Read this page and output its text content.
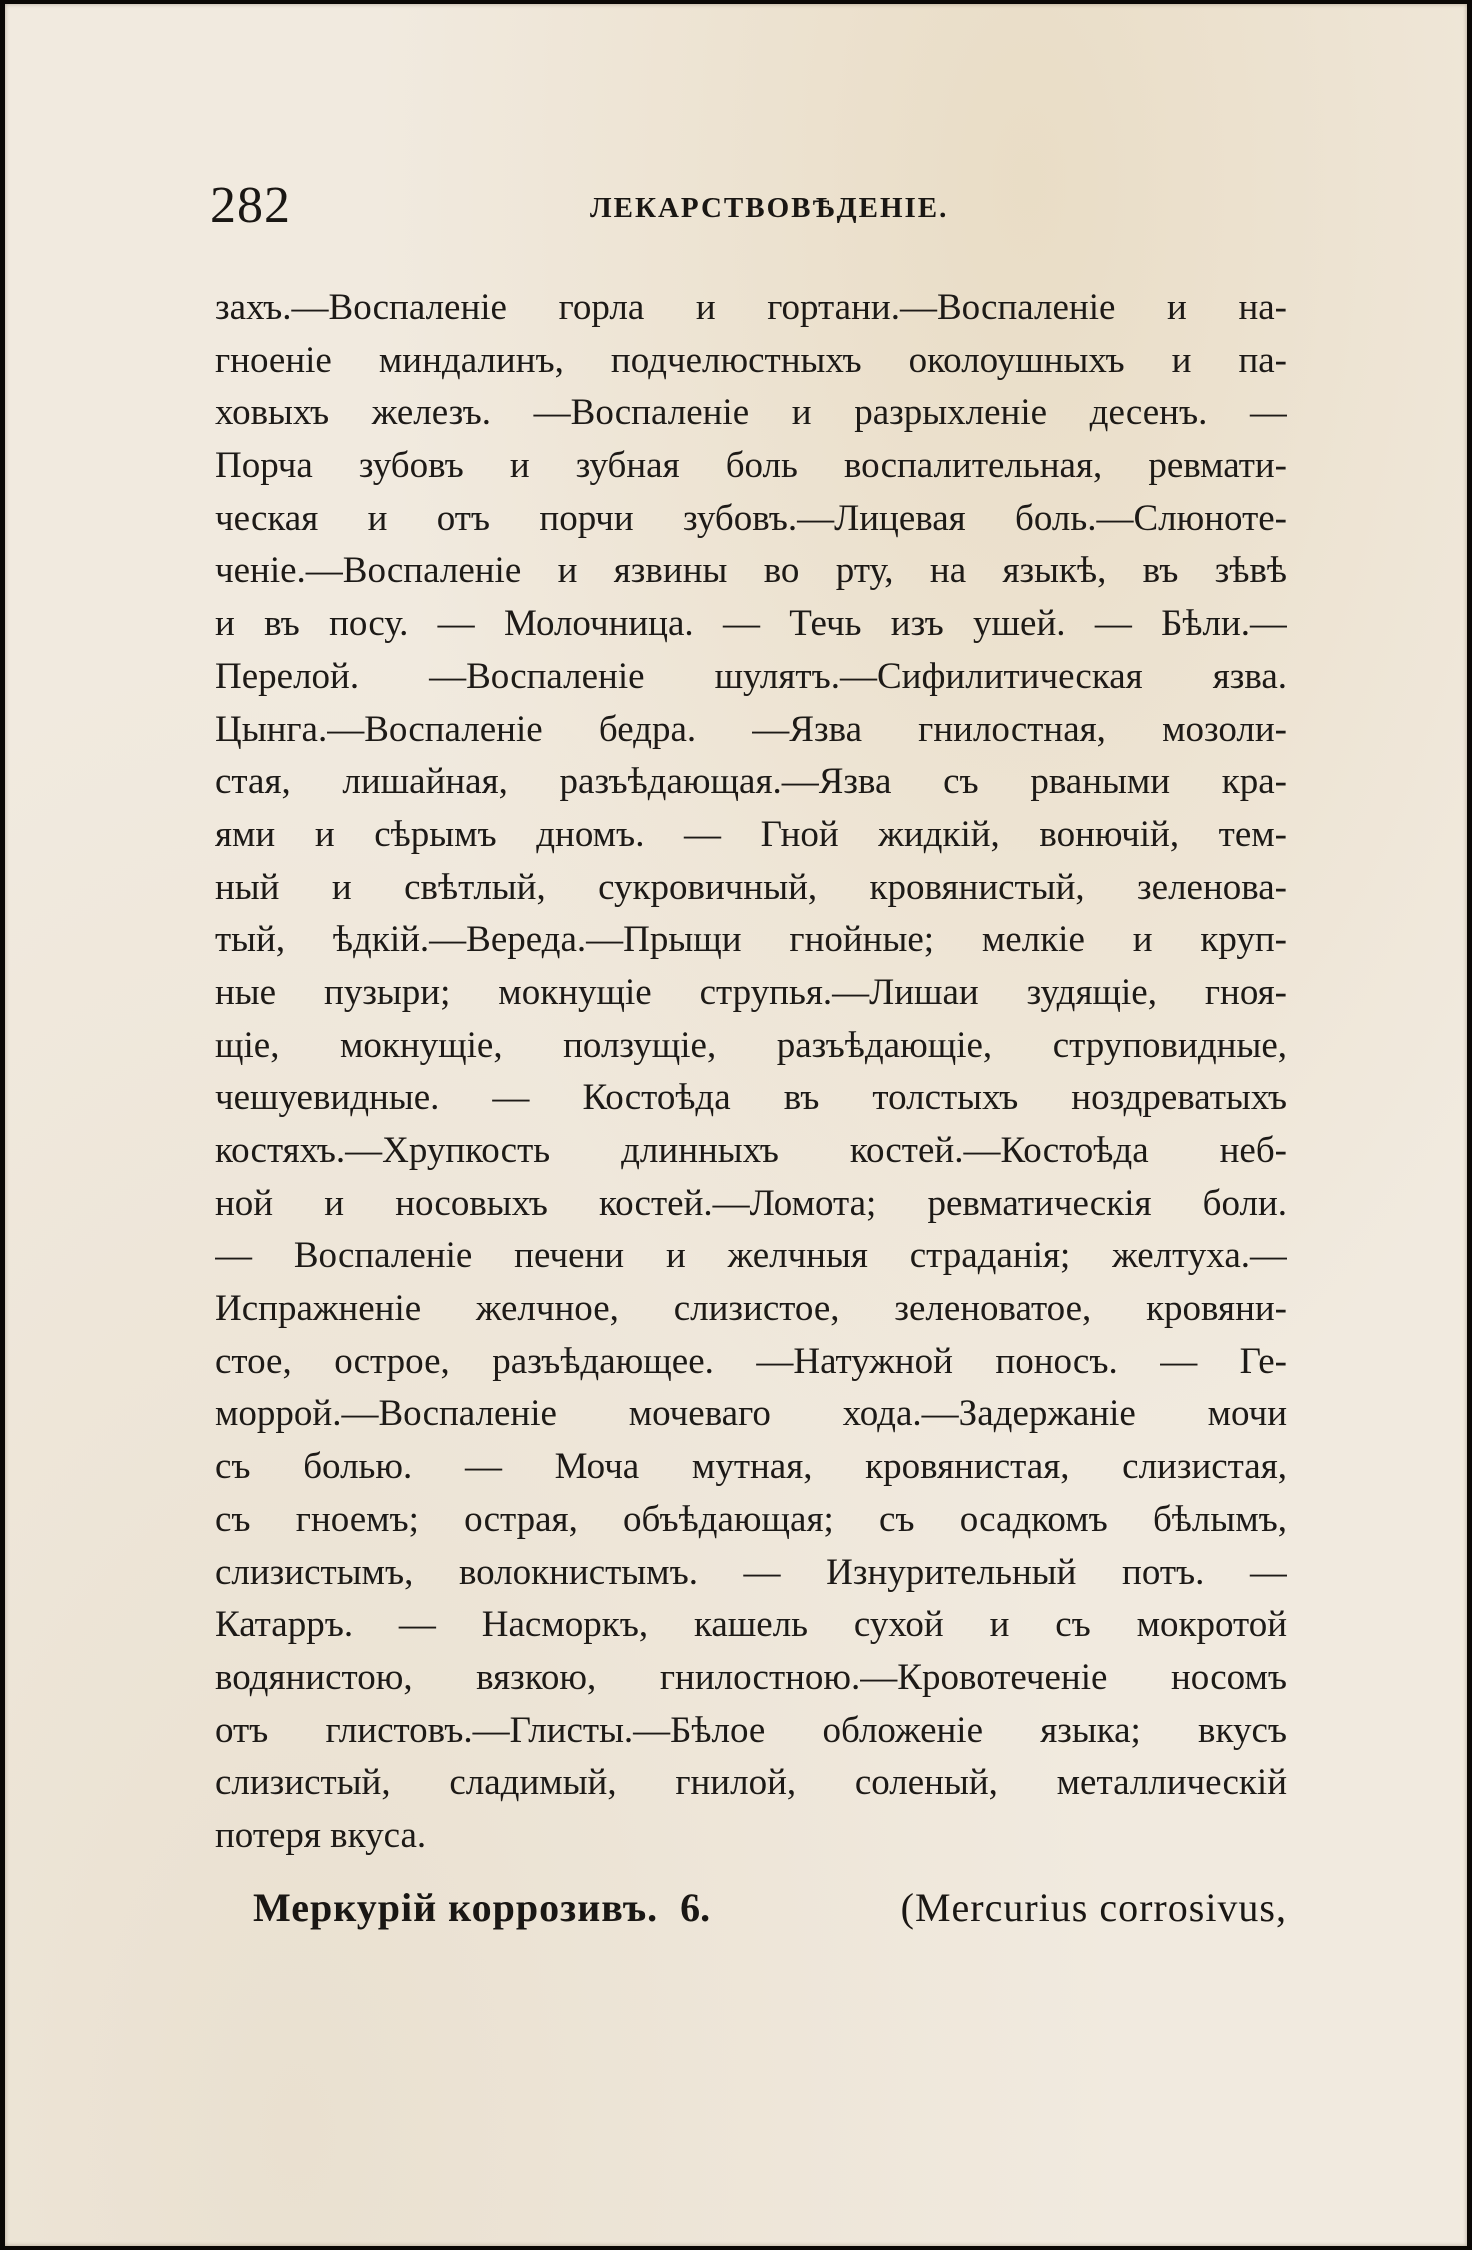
282	ЛЕКАРСТВОВѢДЕНІЕ.
захъ.—Воспаленіе горла и гортани.—Воспаленіе и на-
гноеніе миндалинъ, подчелюстныхъ околоушныхъ и па-
ховыхъ железъ. —Воспаленіе и разрыхленіе десенъ. —
Порча зубовъ и зубная боль воспалительная, ревмати-
ческая и отъ порчи зубовъ.—Лицевая боль.—Слюноте-
ченіе.—Воспаленіе и язвины во рту, на языкѣ, въ зѣвѣ
и въ посу. — Молочница. — Течь изъ ушей. — Бѣли.—
Перелой. —Воспаленіе шулятъ.—Сифилитическая язва.
Цынга.—Воспаленіе бедра. —Язва гнилостная, мозоли-
стая, лишайная, разъѣдающая.—Язва съ рваными кра-
ями и сѣрымъ дномъ. — Гной жидкій, вонючій, тем-
ный и свѣтлый, сукровичный, кровянистый, зеленова-
тый, ѣдкій.—Вереда.—Прыщи гнойные; мелкіе и круп-
ные пузыри; мокнущіе струпья.—Лишаи зудящіе, гноя-
щіе, мокнущіе, ползущіе, разъѣдающіе, струповидные,
чешуевидные. — Костоѣда въ толстыхъ ноздреватыхъ
костяхъ.—Хрупкость длинныхъ костей.—Костоѣда неб-
ной и носовыхъ костей.—Ломота; ревматическія боли.
— Воспаленіе печени и желчныя страданія; желтуха.—
Испражненіе желчное, слизистое, зеленоватое, кровяни-
стое, острое, разъѣдающее. —Натужной поносъ. — Ге-
моррой.—Воспаленіе мочеваго хода.—Задержаніе мочи
съ болью. — Моча мутная, кровянистая, слизистая,
съ гноемъ; острая, объѣдающая; съ осадкомъ бѣлымъ,
слизистымъ, волокнистымъ. — Изнурительный потъ. —
Катарръ. — Насморкъ, кашель сухой и съ мокротой
водянистою, вязкою, гнилостною.—Кровотеченіе носомъ
отъ глистовъ.—Глисты.—Бѣлое обложеніе языка; вкусъ
слизистый, сладимый, гнилой, соленый, металлическій
потеря вкуса.
Меркурій коррозивъ. 6.	(Mercurius corrosivus,
